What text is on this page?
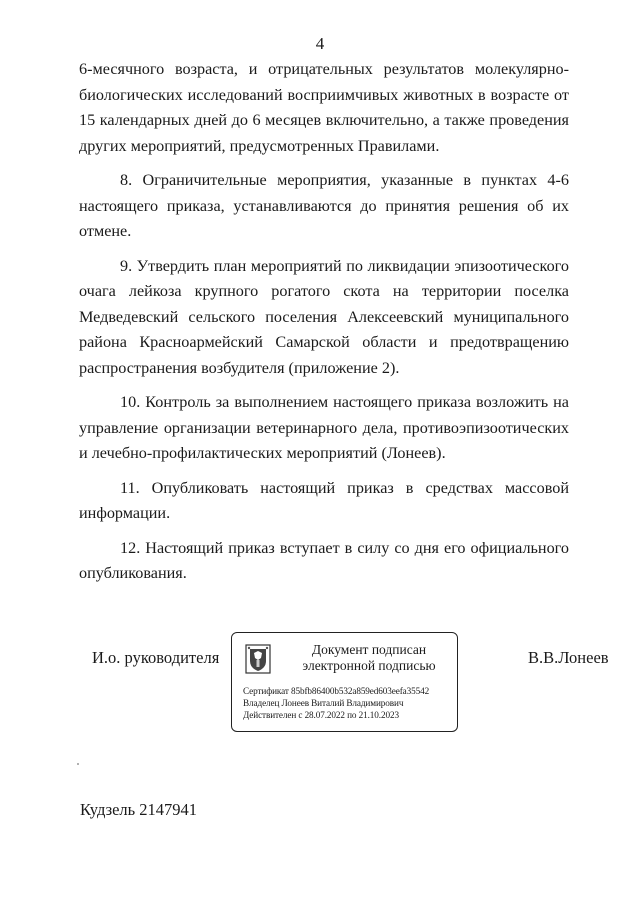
4

6-месячного возраста, и отрицательных результатов молекулярно-биологических исследований восприимчивых животных в возрасте от 15 календарных дней до 6 месяцев включительно, а также проведения других мероприятий, предусмотренных Правилами.

8. Ограничительные мероприятия, указанные в пунктах 4-6 настоящего приказа, устанавливаются до принятия решения об их отмене.

9. Утвердить план мероприятий по ликвидации эпизоотического очага лейкоза крупного рогатого скота на территории поселка Медведевский сельского поселения Алексеевский муниципального района Красноармейский Самарской области и предотвращению распространения возбудителя (приложение 2).

10. Контроль за выполнением настоящего приказа возложить на управление организации ветеринарного дела, противоэпизоотических и лечебно-профилактических мероприятий (Лонеев).

11. Опубликовать настоящий приказ в средствах массовой информации.

12. Настоящий приказ вступает в силу со дня его официального опубликования.

И.о. руководителя	В.В.Лонеев
Документ подписан
электронной подписью
Сертификат 85bfb86400b532a859ed603eefa35542
Владелец Лонеев Виталий Владимирович
Действителен с 28.07.2022 по 21.10.2023
Кудзель 2147941
